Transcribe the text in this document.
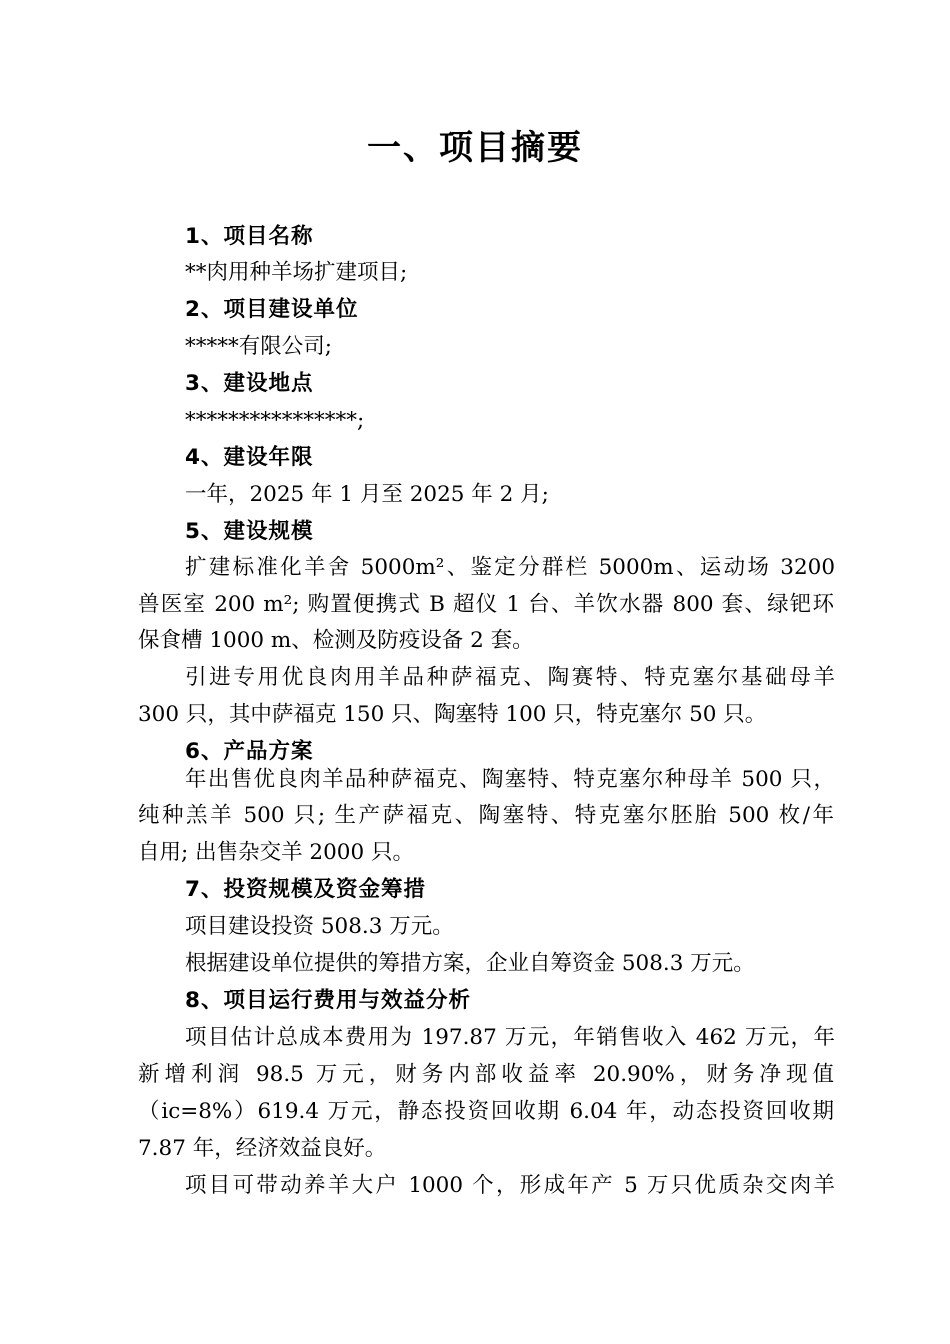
一、项目摘要
1、项目名称
**肉用种羊场扩建项目;
2、项目建设单位
*****有限公司;
3、建设地点
****************;
4、建设年限
一年，2025 年 1 月至 2025 年 2 月;
5、建设规模
扩建标准化羊舍 5000m²、鉴定分群栏 5000m、运动场 3200
兽医室 200 m²; 购置便携式 B 超仪 1 台、羊饮水器 800 套、绿钯环
保食槽 1000 m、检测及防疫设备 2 套。
引进专用优良肉用羊品种萨福克、陶赛特、特克塞尔基础母羊
300 只，其中萨福克 150 只、陶塞特 100 只，特克塞尔 50 只。
6、产品方案
年出售优良肉羊品种萨福克、陶塞特、特克塞尔种母羊 500 只，
纯种羔羊 500 只; 生产萨福克、陶塞特、特克塞尔胚胎 500 枚/年
自用; 出售杂交羊 2000 只。
7、投资规模及资金筹措
项目建设投资 508.3 万元。
根据建设单位提供的筹措方案，企业自筹资金 508.3 万元。
8、项目运行费用与效益分析
项目估计总成本费用为 197.87 万元，年销售收入 462 万元，年
新增利润 98.5 万元，财务内部收益率 20.90%，财务净现值
（ic=8%）619.4 万元，静态投资回收期 6.04 年，动态投资回收期
7.87 年，经济效益良好。
项目可带动养羊大户 1000 个，形成年产 5 万只优质杂交肉羊
